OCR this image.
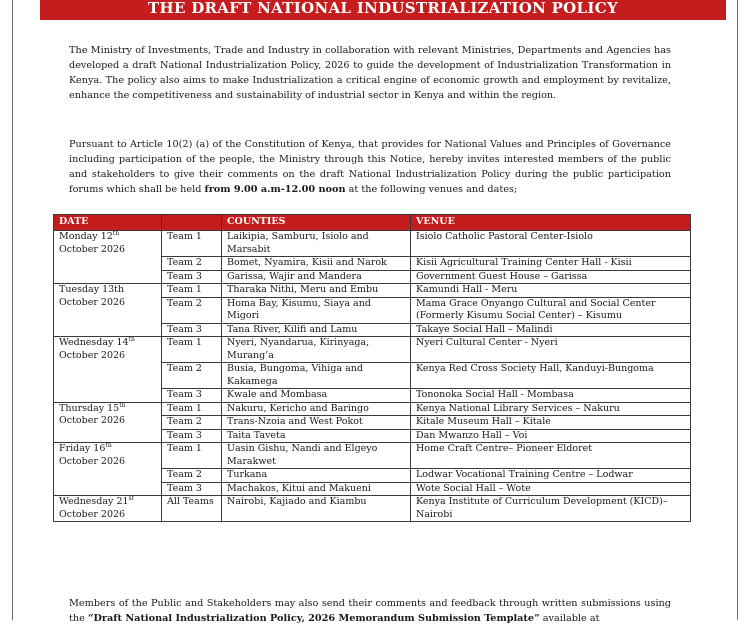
THE DRAFT NATIONAL INDUSTRIALIZATION POLICY

The Ministry of Investments, Trade and Industry in collaboration with relevant Ministries, Departments and Agencies has developed a draft National Industrialization Policy, 2026 to guide the development of Industrialization Transformation in Kenya. The policy also aims to make Industrialization a critical engine of economic growth and employment by revitalize, enhance the competitiveness and sustainability of industrial sector in Kenya and within the region.

Pursuant to Article 10(2) (a) of the Constitution of Kenya, that provides for National Values and Principles of Governance including participation of the people, the Ministry through this Notice, hereby invites interested members of the public and stakeholders to give their comments on the draft National Industrialization Policy during the public participation forums which shall be held from 9.00 a.m-12.00 noon at the following venues and dates;

DATE		COUNTIES	VENUE
Monday 12th
October 2026	Team 1	Laikipia, Samburu, Isiolo and Marsabit	Isiolo Catholic Pastoral Center-Isiolo
	Team 2	Bomet, Nyamira, Kisii and Narok	Kisii Agricultural Training Center Hall - Kisii
	Team 3	Garissa, Wajir and Mandera	Government Guest House – Garissa
Tuesday 13th
October 2026	Team 1	Tharaka Nithi, Meru and Embu	Kamundi Hall - Meru
	Team 2	Homa Bay, Kisumu, Siaya and Migori	Mama Grace Onyango Cultural and Social Center (Formerly Kisumu Social Center) – Kisumu
	Team 3	Tana River, Kilifi and Lamu	Takaye Social Hall – Malindi
Wednesday 14th
October 2026	Team 1	Nyeri, Nyandarua, Kirinyaga, Murang’a	Nyeri Cultural Center - Nyeri
	Team 2	Busia, Bungoma, Vihiga and Kakamega	Kenya Red Cross Society Hall, Kanduyi-Bungoma
	Team 3	Kwale and Mombasa	Tononoka Social Hall - Mombasa
Thursday 15th
October 2026	Team 1	Nakuru, Kericho and Baringo	Kenya National Library Services – Nakuru
	Team 2	Trans-Nzoia and West Pokot	Kitale Museum Hall – Kitale
	Team 3	Taita Taveta	Dan Mwanzo Hall – Voi
Friday 16th
October 2026	Team 1	Uasin Gishu, Nandi and Elgeyo Marakwet	Home Craft Centre– Pioneer Eldoret
	Team 2	Turkana	Lodwar Vocational Training Centre – Lodwar
	Team 3	Machakos, Kitui and Makueni	Wote Social Hall – Wote
Wednesday 21st
October 2026	All Teams	Nairobi, Kajiado and Kiambu	Kenya Institute of Curriculum Development (KICD)– Nairobi

Members of the Public and Stakeholders may also send their comments and feedback through written submissions using the “Draft National Industrialization Policy, 2026 Memorandum Submission Template” available at
